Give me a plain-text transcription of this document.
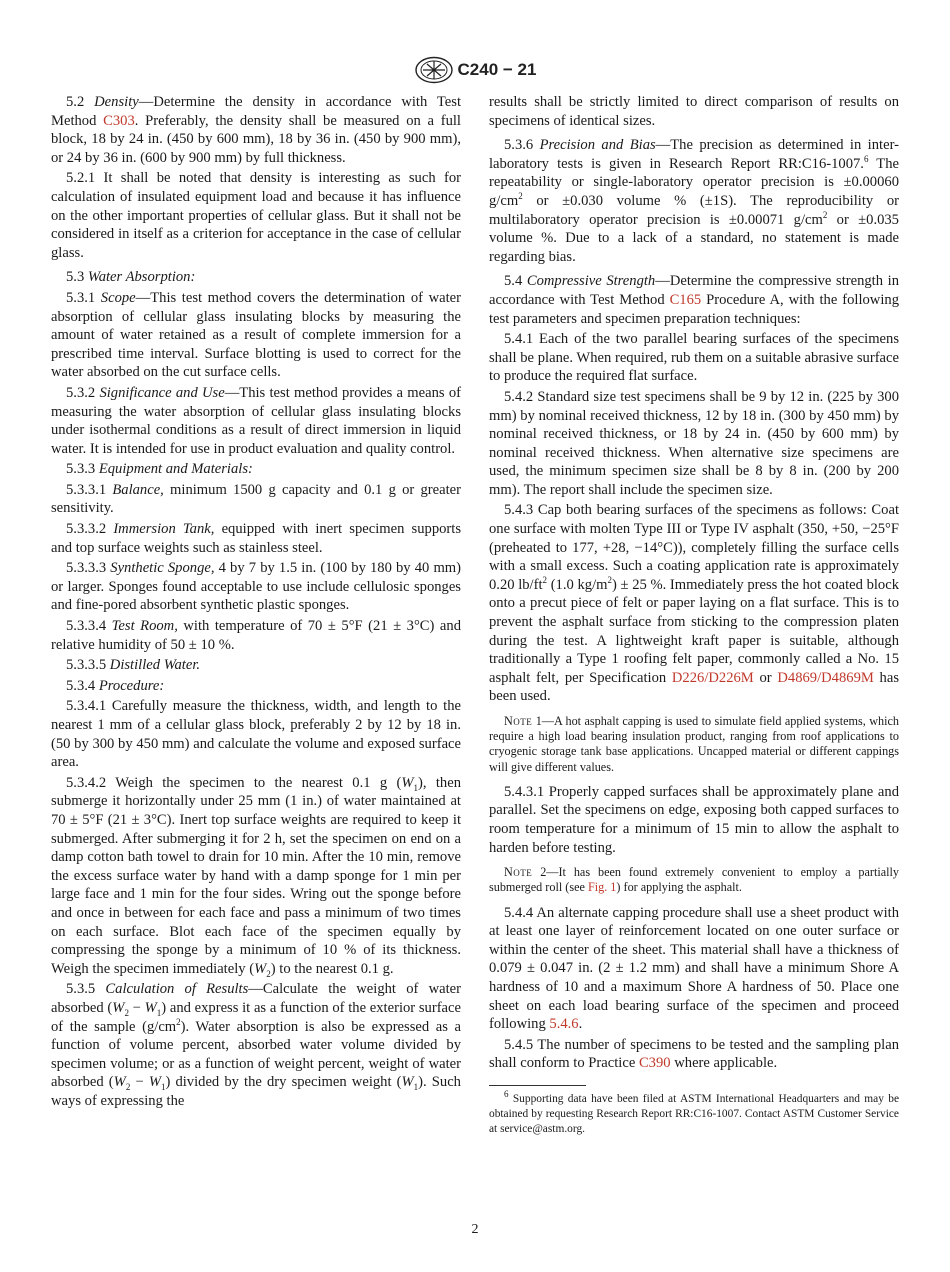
C240 − 21

5.2 Density—Determine the density in accordance with Test Method C303. Preferably, the density shall be measured on a full block, 18 by 24 in. (450 by 600 mm), 18 by 36 in. (450 by 900 mm), or 24 by 36 in. (600 by 900 mm) by full thickness.

5.2.1 It shall be noted that density is interesting as such for calculation of insulated equipment load and because it has influence on the other important properties of cellular glass. But it shall not be considered in itself as a criterion for acceptance in the case of cellular glass.

5.3 Water Absorption:

5.3.1 Scope—This test method covers the determination of water absorption of cellular glass insulating blocks by measuring the amount of water retained as a result of complete immersion for a prescribed time interval. Surface blotting is used to correct for the water absorbed on the cut surface cells.

5.3.2 Significance and Use—This test method provides a means of measuring the water absorption of cellular glass insulating blocks under isothermal conditions as a result of direct immersion in liquid water. It is intended for use in product evaluation and quality control.

5.3.3 Equipment and Materials:

5.3.3.1 Balance, minimum 1500 g capacity and 0.1 g or greater sensitivity.

5.3.3.2 Immersion Tank, equipped with inert specimen supports and top surface weights such as stainless steel.

5.3.3.3 Synthetic Sponge, 4 by 7 by 1.5 in. (100 by 180 by 40 mm) or larger. Sponges found acceptable to use include cellulosic sponges and fine-pored absorbent synthetic plastic sponges.

5.3.3.4 Test Room, with temperature of 70 ± 5°F (21 ± 3°C) and relative humidity of 50 ± 10 %.

5.3.3.5 Distilled Water.

5.3.4 Procedure:

5.3.4.1 Carefully measure the thickness, width, and length to the nearest 1 mm of a cellular glass block, preferably 2 by 12 by 18 in. (50 by 300 by 450 mm) and calculate the volume and exposed surface area.

5.3.4.2 Weigh the specimen to the nearest 0.1 g $(W_1)$, then submerge it horizontally under 25 mm (1 in.) of water maintained at 70 ± 5°F (21 ± 3°C). Inert top surface weights are required to keep it submerged. After submerging it for 2 h, set the specimen on end on a damp cotton bath towel to drain for 10 min. After the 10 min, remove the excess surface water by hand with a damp sponge for 1 min per large face and 1 min for the four sides. Wring out the sponge before and once in between for each face and pass a minimum of two times on each surface. Blot each face of the specimen equally by compressing the sponge by a minimum of 10 % of its thickness. Weigh the specimen immediately $(W_2)$ to the nearest 0.1 g.

5.3.5 Calculation of Results—Calculate the weight of water absorbed $(W_2 - W_1)$ and express it as a function of the exterior surface of the sample $(g/cm^2)$. Water absorption is also be expressed as a function of volume percent, absorbed water volume divided by specimen volume; or as a function of weight percent, weight of water absorbed $(W_2 - W_1)$ divided by the dry specimen weight $(W_1)$. Such ways of expressing the

results shall be strictly limited to direct comparison of results on specimens of identical sizes.

5.3.6 Precision and Bias—The precision as determined in inter-laboratory tests is given in Research Report RR:C16-1007.$^6$ The repeatability or single-laboratory operator precision is ±0.00060 $g/cm^2$ or ±0.030 volume % (±1S). The reproducibility or multilaboratory operator precision is ±0.00071 $g/cm^2$ or ±0.035 volume %. Due to a lack of a standard, no statement is made regarding bias.

5.4 Compressive Strength—Determine the compressive strength in accordance with Test Method C165 Procedure A, with the following test parameters and specimen preparation techniques:

5.4.1 Each of the two parallel bearing surfaces of the specimens shall be plane. When required, rub them on a suitable abrasive surface to produce the required flat surface.

5.4.2 Standard size test specimens shall be 9 by 12 in. (225 by 300 mm) by nominal received thickness, 12 by 18 in. (300 by 450 mm) by nominal received thickness, or 18 by 24 in. (450 by 600 mm) by nominal received thickness. When alternative size specimens are used, the minimum specimen size shall be 8 by 8 in. (200 by 200 mm). The report shall include the specimen size.

5.4.3 Cap both bearing surfaces of the specimens as follows: Coat one surface with molten Type III or Type IV asphalt (350, +50, −25°F (preheated to 177, +28, −14°C)), completely filling the surface cells with a small excess. Such a coating application rate is approximately 0.20 $lb/ft^2$ (1.0 $kg/m^2) \pm 25$ %. Immediately press the hot coated block onto a precut piece of felt or paper laying on a flat surface. This is to prevent the asphalt surface from sticking to the compression platen during the test. A lightweight kraft paper is suitable, although traditionally a Type 1 roofing felt paper, commonly called a No. 15 asphalt felt, per Specification D226/D226M or D4869/D4869M has been used.

Note 1—A hot asphalt capping is used to simulate field applied systems, which require a high load bearing insulation product, ranging from roof applications to cryogenic storage tank base applications. Uncapped material or different cappings will give different values.

5.4.3.1 Properly capped surfaces shall be approximately plane and parallel. Set the specimens on edge, exposing both capped surfaces to room temperature for a minimum of 15 min to allow the asphalt to harden before testing.

Note 2—It has been found extremely convenient to employ a partially submerged roll (see Fig. 1) for applying the asphalt.

5.4.4 An alternate capping procedure shall use a sheet product with at least one layer of reinforcement located on one outer surface or within the center of the sheet. This material shall have a thickness of 0.079 ± 0.047 in. (2 ± 1.2 mm) and shall have a minimum Shore A hardness of 10 and a maximum Shore A hardness of 50. Place one sheet on each load bearing surface of the specimen and proceed following 5.4.6.

5.4.5 The number of specimens to be tested and the sampling plan shall conform to Practice C390 where applicable.

$^6$ Supporting data have been filed at ASTM International Headquarters and may be obtained by requesting Research Report RR:C16-1007. Contact ASTM Customer Service at service@astm.org.

2
